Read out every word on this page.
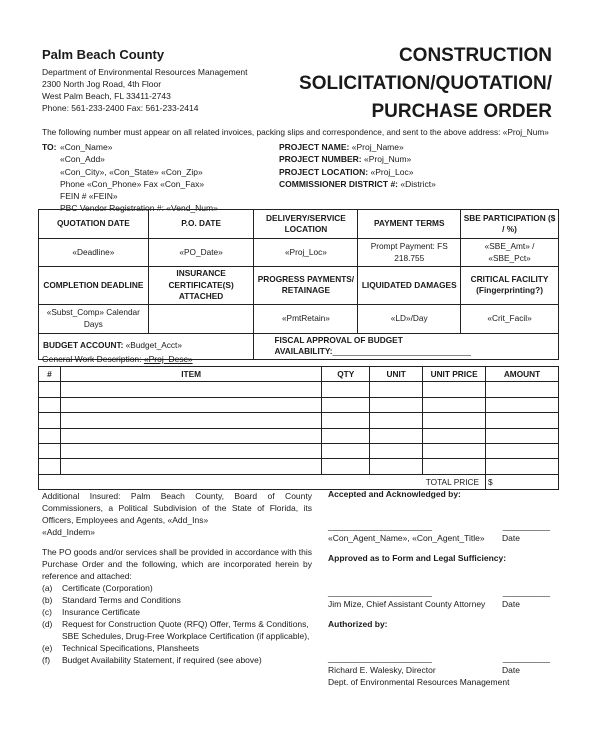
Palm Beach County
Department of Environmental Resources Management
2300 North Jog Road, 4th Floor
West Palm Beach, FL 33411-2743
Phone: 561-233-2400 Fax: 561-233-2414
CONSTRUCTION
SOLICITATION/QUOTATION/
PURCHASE ORDER
The following number must appear on all related invoices, packing slips and correspondence, and sent to the above address: «Proj_Num»
TO: «Con_Name»
«Con_Add»
«Con_City», «Con_State» «Con_Zip»
Phone «Con_Phone» Fax «Con_Fax»
FEIN # «FEIN»
PBC Vendor Registration #: «Vend_Num»
PROJECT NAME: «Proj_Name»
PROJECT NUMBER: «Proj_Num»
PROJECT LOCATION: «Proj_Loc»
COMMISSIONER DISTRICT #: «District»
QUOTATION DATE	P.O. DATE	DELIVERY/SERVICE LOCATION	PAYMENT TERMS	SBE PARTICIPATION ($ / %)
«Deadline»	«PO_Date»	«Proj_Loc»	Prompt Payment: FS 218.755	«SBE_Amt» / «SBE_Pct»
COMPLETION DEADLINE	INSURANCE CERTIFICATE(S) ATTACHED	PROGRESS PAYMENTS/ RETAINAGE	LIQUIDATED DAMAGES	CRITICAL FACILITY (Fingerprinting?)
«Subst_Comp» Calendar Days		«PmtRetain»	«LD»/Day	«Crit_Facil»
BUDGET ACCOUNT: «Budget_Acct»		FISCAL APPROVAL OF BUDGET AVAILABILITY:______________________________		
General Work Description: «Proj_Desc»
#	ITEM	QTY	UNIT	UNIT PRICE	AMOUNT

TOTAL PRICE					$
Additional Insured: Palm Beach County, Board of County Commissioners, a Political Subdivision of the State of Florida, its Officers, Employees and Agents, «Add_Ins»
«Add_Indem»
The PO goods and/or services shall be provided in accordance with this Purchase Order and the following, which are incorporated herein by reference and attached:
(a)	Certificate (Corporation)
(b)	Standard Terms and Conditions
(c)	Insurance Certificate
(d)	Request for Construction Quote (RFQ) Offer, Terms & Conditions, SBE Schedules, Drug-Free Workplace Certification (if applicable),
(e)	Technical Specifications, Plansheets
(f)	Budget Availability Statement, if required (see above)
Accepted and Acknowledged by:
______________________	__________
«Con_Agent_Name», «Con_Agent_Title» Date
Approved as to Form and Legal Sufficiency:
______________________	__________
Jim Mize, Chief Assistant County Attorney Date
Authorized by:
______________________	__________
Richard E. Walesky, Director	Date
Dept. of Environmental Resources Management
